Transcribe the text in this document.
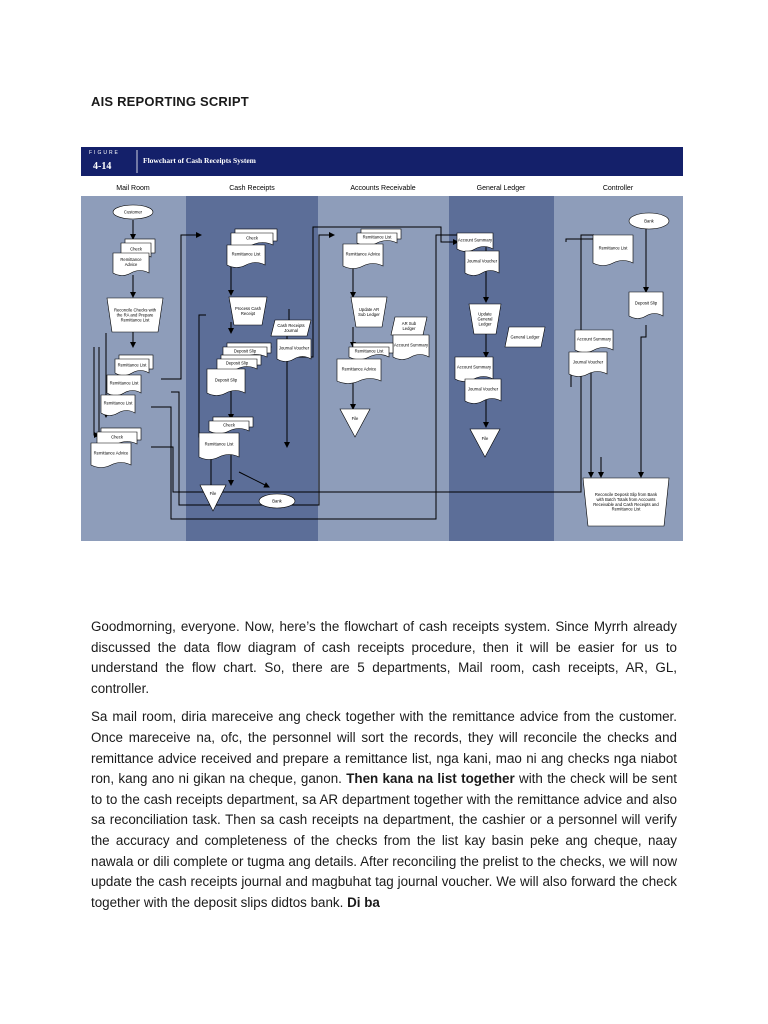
AIS REPORTING SCRIPT
FIGURE
4-14
Flowchart of Cash Receipts System
Mail Room	Cash Receipts	Accounts Receivable	General Ledger	Controller
Customer
Check
Remittance Advice
Reconcile Checks with the RA and Prepare Remittance List
Remittance List
Remittance List
Remittance List
Check
Remittance Advice
Check
Remittance List
Process Cash Receipt
Cash Receipts Journal
Journal Voucher
Deposit Slip
Deposit Slip
Deposit Slip
Check
Remittance List
File
Bank
Remittance List
Remittance Advice
Update AR Sub Ledger
AR Sub Ledger
Account Summary
Remittance List
Remittance Advice
File
Account Summary
Journal Voucher
Update General Ledger
General Ledger
Account Summary
Journal Voucher
File
Bank
Remittance List
Deposit Slip
Account Summary
Journal Voucher
Reconcile Deposit Slip from Bank with Batch Totals from Accounts Receivable and Cash Receipts and Remittance List

Goodmorning, everyone. Now, here’s the flowchart of cash receipts system. Since Myrrh already discussed the data flow diagram of cash receipts procedure, then it will be easier for us to understand the flow chart. So, there are 5 departments, Mail room, cash receipts, AR, GL, controller.

Sa mail room, diria mareceive ang check together with the remittance advice from the customer. Once mareceive na, ofc, the personnel will sort the records, they will reconcile the checks and remittance advice received and prepare a remittance list, nga kani, mao ni ang checks nga niabot ron, kang ano ni gikan na cheque, ganon. Then kana na list together with the check will be sent to to the cash receipts department, sa AR department together with the remittance advice and also sa reconciliation task. Then sa cash receipts na department, the cashier or a personnel will verify the accuracy and completeness of the checks from the list kay basin peke ang cheque, naay nawala or dili complete or tugma ang details. After reconciling the prelist to the checks, we will now update the cash receipts journal and magbuhat tag journal voucher. We will also forward the check together with the deposit slips didtos bank. Di ba
